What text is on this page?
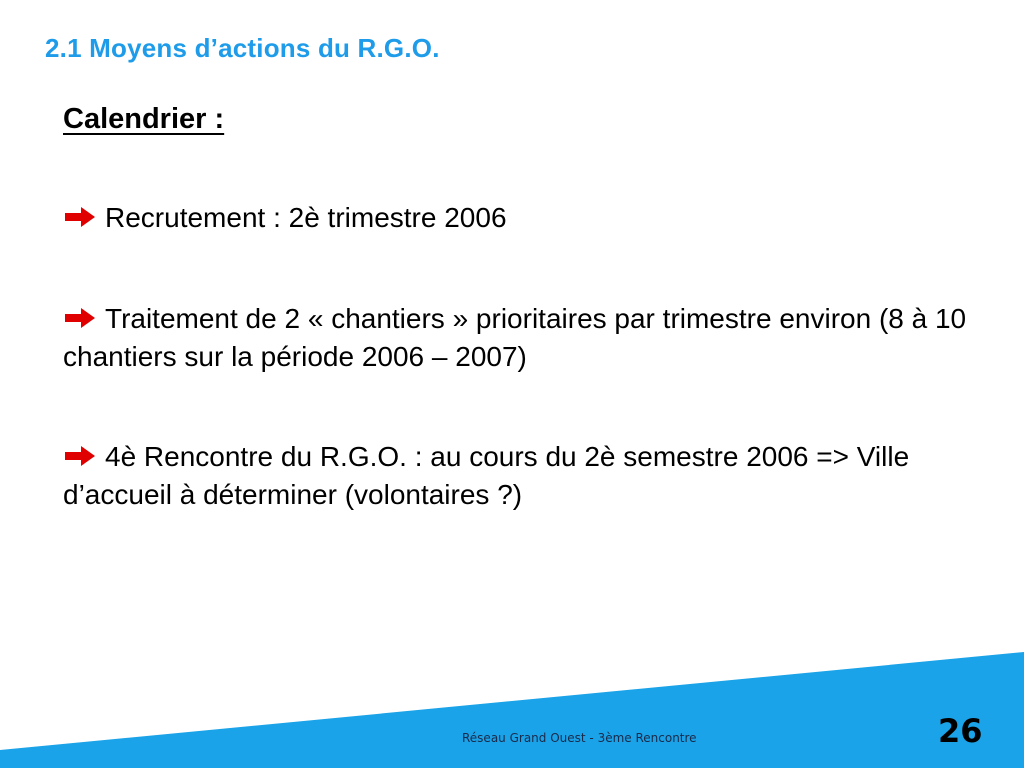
2.1 Moyens d’actions du R.G.O.
Calendrier :
Recrutement : 2è trimestre 2006
Traitement de 2 « chantiers » prioritaires par trimestre environ (8 à 10 chantiers sur la période 2006 – 2007)
4è Rencontre du R.G.O. : au cours du 2è semestre 2006 => Ville d’accueil à déterminer (volontaires ?)
Réseau Grand Ouest - 3ème Rencontre	26
